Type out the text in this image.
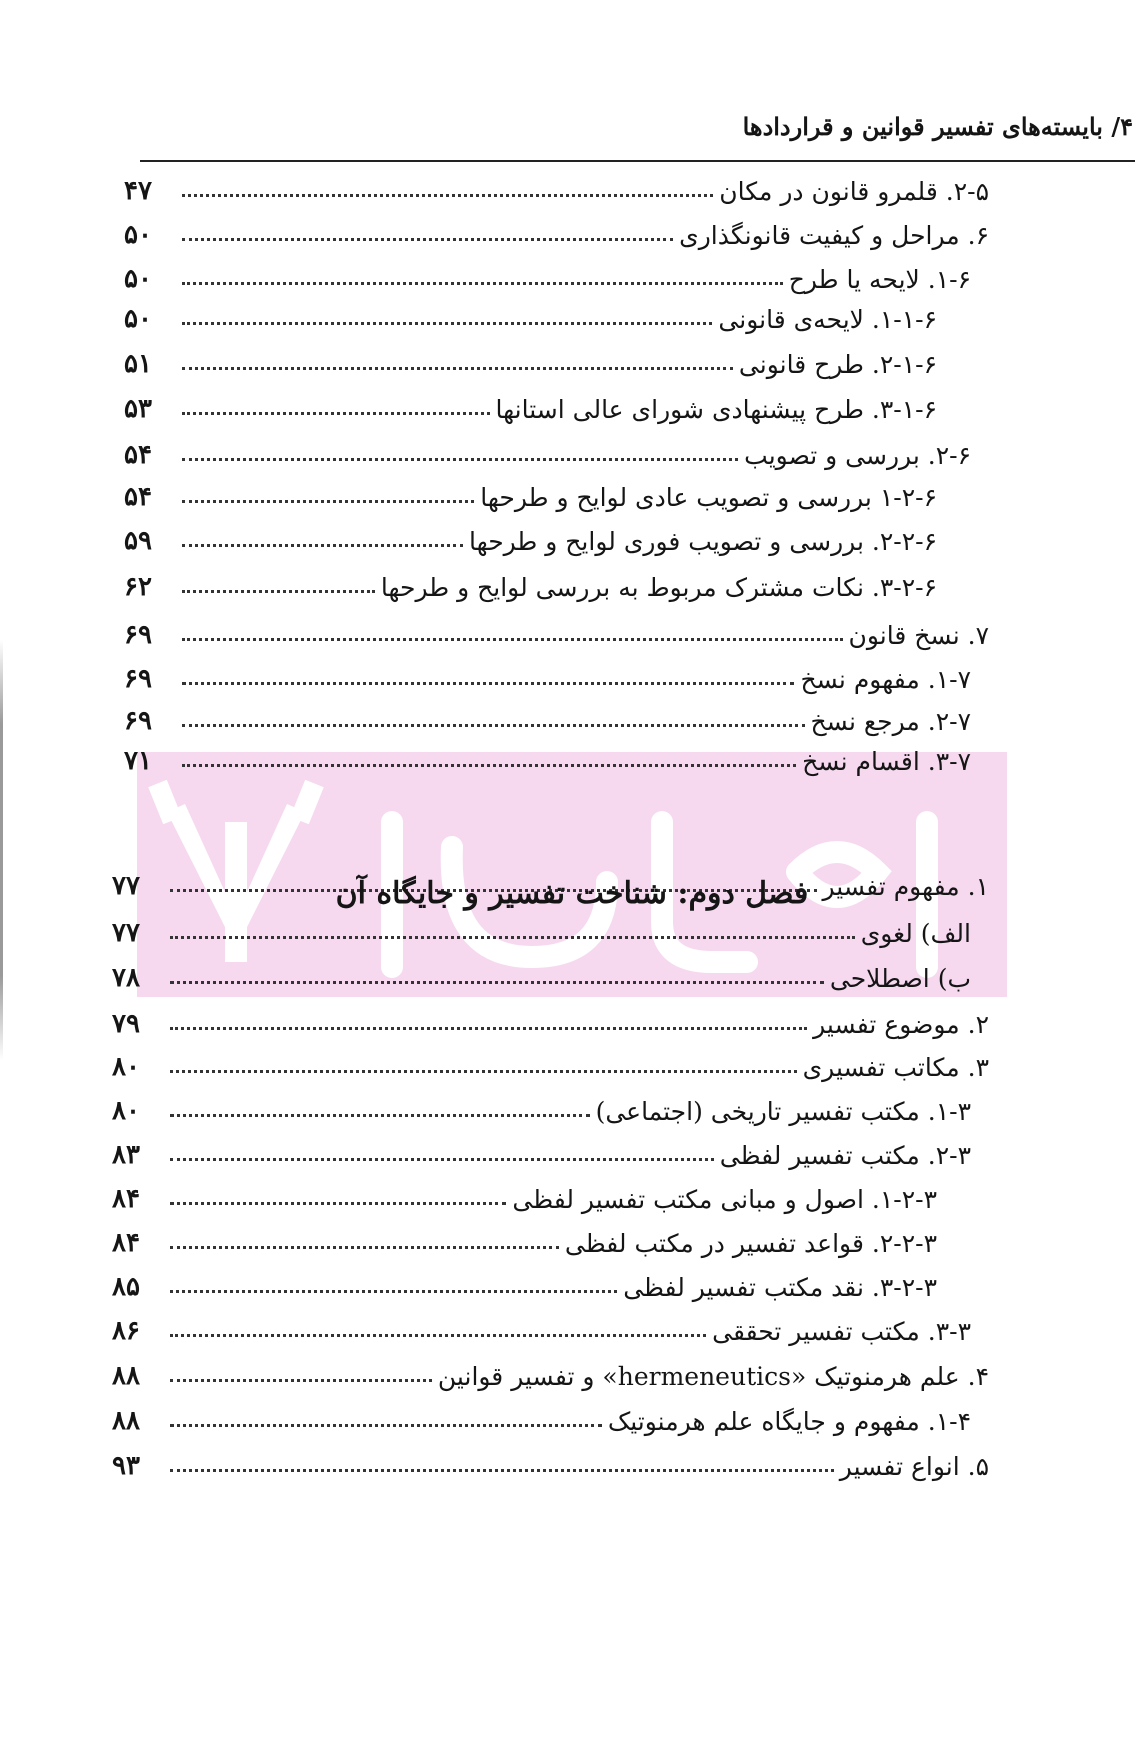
۴/ بایسته‌های تفسیر قوانین و قراردادها
۲-۵. قلمرو قانون در مکان
۴۷
۶. مراحل و کیفیت قانونگذاری
۵۰
۱-۶. لایحه یا طرح
۵۰
۱-۱-۶. لایحه‌ی قانونی
۵۰
۲-۱-۶. طرح قانونی
۵۱
۳-۱-۶. طرح پیشنهادی شورای عالی استانها
۵۳
۲-۶. بررسی و تصویب
۵۴
۱-۲-۶ بررسی و تصویب عادی لوایح و طرحها
۵۴
۲-۲-۶. بررسی و تصویب فوری لوایح و طرحها
۵۹
۳-۲-۶. نکات مشترک مربوط به بررسی لوایح و طرحها
۶۲
۷. نسخ قانون
۶۹
۱-۷. مفهوم نسخ
۶۹
۲-۷. مرجع نسخ
۶۹
۳-۷. اقسام نسخ
۷۱
۱. مفهوم تفسیر
۷۷
الف) لغوی
۷۷
ب) اصطلاحی
۷۸
۲. موضوع تفسیر
۷۹
۳. مکاتب تفسیری
۸۰
۱-۳. مکتب تفسیر تاریخی (اجتماعی)
۸۰
۲-۳. مکتب تفسیر لفظی
۸۳
۱-۲-۳. اصول و مبانی مکتب تفسیر لفظی
۸۴
۲-۲-۳. قواعد تفسیر در مکتب لفظی
۸۴
۳-۲-۳. نقد مکتب تفسیر لفظی
۸۵
۳-۳. مکتب تفسیر تحققی
۸۶
۴. علم هرمنوتیک «hermeneutics» و تفسیر قوانین
۸۸
۱-۴. مفهوم و جایگاه علم هرمنوتیک
۸۸
۵. انواع تفسیر
۹۳
فصل دوم: شناخت تفسیر و جایگاه آن
